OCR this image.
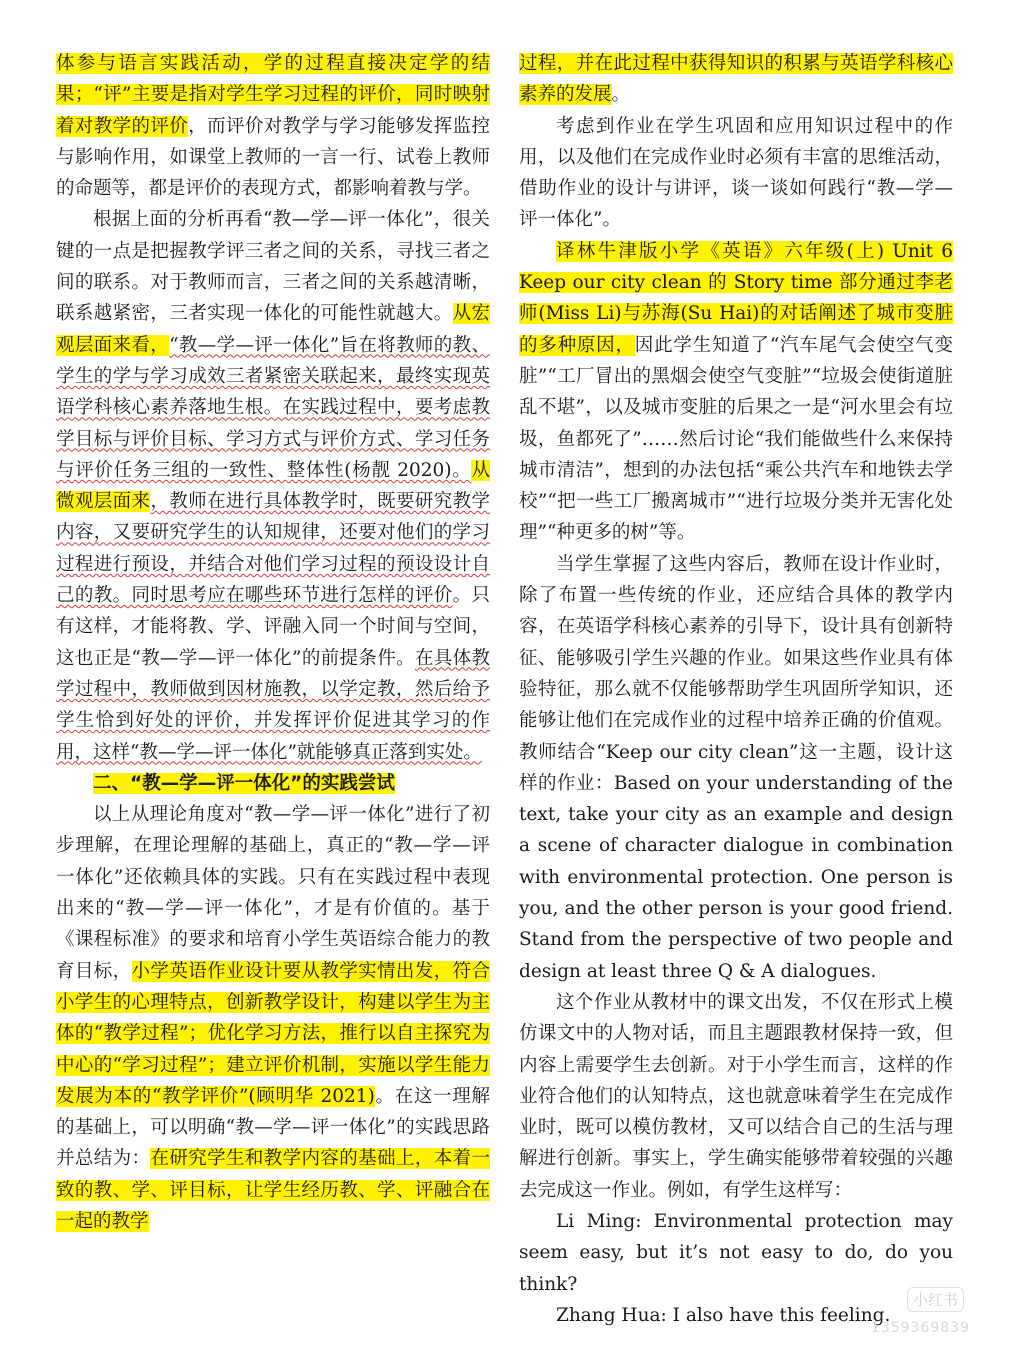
体参与语言实践活动，学的过程直接决定学的结果；“评”主要是指对学生学习过程的评价，同时映射着对教学的评价，而评价对教学与学习能够发挥监控与影响作用，如课堂上教师的一言一行、试卷上教师的命题等，都是评价的表现方式，都影响着教与学。

根据上面的分析再看“教—学—评一体化”，很关键的一点是把握教学评三者之间的关系，寻找三者之间的联系。对于教师而言，三者之间的关系越清晰，联系越紧密，三者实现一体化的可能性就越大。从宏观层面来看，“教—学—评一体化”旨在将教师的教、学生的学与学习成效三者紧密关联起来，最终实现英语学科核心素养落地生根。在实践过程中，要考虑教学目标与评价目标、学习方式与评价方式、学习任务与评价任务三组的一致性、整体性(杨靓 2020)。从微观层面来，教师在进行具体教学时，既要研究教学内容，又要研究学生的认知规律，还要对他们的学习过程进行预设，并结合对他们学习过程的预设设计自己的教。同时思考应在哪些环节进行怎样的评价。只有这样，才能将教、学、评融入同一个时间与空间，这也正是“教—学—评一体化”的前提条件。在具体教学过程中，教师做到因材施教，以学定教，然后给予学生恰到好处的评价，并发挥评价促进其学习的作用，这样“教—学—评一体化”就能够真正落到实处。

二、“教—学—评一体化”的实践尝试

以上从理论角度对“教—学—评一体化”进行了初步理解，在理论理解的基础上，真正的“教—学—评一体化”还依赖具体的实践。只有在实践过程中表现出来的“教—学—评一体化”，才是有价值的。基于《课程标准》的要求和培育小学生英语综合能力的教育目标，小学英语作业设计要从教学实情出发，符合小学生的心理特点，创新教学设计，构建以学生为主体的“教学过程”；优化学习方法，推行以自主探究为中心的“学习过程”；建立评价机制，实施以学生能力发展为本的“教学评价”(顾明华 2021)。在这一理解的基础上，可以明确“教—学—评一体化”的实践思路并总结为：在研究学生和教学内容的基础上，本着一致的教、学、评目标，让学生经历教、学、评融合在一起的教学

过程，并在此过程中获得知识的积累与英语学科核心素养的发展。

考虑到作业在学生巩固和应用知识过程中的作用，以及他们在完成作业时必须有丰富的思维活动，借助作业的设计与讲评，谈一谈如何践行“教—学—评一体化”。

译林牛津版小学《英语》六年级(上) Unit 6 Keep our city clean 的 Story time 部分通过李老师(Miss Li)与苏海(Su Hai)的对话阐述了城市变脏的多种原因，因此学生知道了“汽车尾气会使空气变脏”“工厂冒出的黑烟会使空气变脏”“垃圾会使街道脏乱不堪”，以及城市变脏的后果之一是“河水里会有垃圾，鱼都死了”……然后讨论“我们能做些什么来保持城市清洁”，想到的办法包括“乘公共汽车和地铁去学校”“把一些工厂搬离城市”“进行垃圾分类并无害化处理”“种更多的树”等。

当学生掌握了这些内容后，教师在设计作业时，除了布置一些传统的作业，还应结合具体的教学内容，在英语学科核心素养的引导下，设计具有创新特征、能够吸引学生兴趣的作业。如果这些作业具有体验特征，那么就不仅能够帮助学生巩固所学知识，还能够让他们在完成作业的过程中培养正确的价值观。教师结合“Keep our city clean”这一主题，设计这样的作业：Based on your understanding of the text, take your city as an example and design a scene of character dialogue in combination with environmental protection. One person is you, and the other person is your good friend. Stand from the perspective of two people and design at least three Q & A dialogues.

这个作业从教材中的课文出发，不仅在形式上模仿课文中的人物对话，而且主题跟教材保持一致，但内容上需要学生去创新。对于小学生而言，这样的作业符合他们的认知特点，这也就意味着学生在完成作业时，既可以模仿教材，又可以结合自己的生活与理解进行创新。事实上，学生确实能够带着较强的兴趣去完成这一作业。例如，有学生这样写：

Li Ming: Environmental protection may seem easy, but it’s not easy to do, do you think?

Zhang Hua: I also have this feeling.

小红书
1359369839
